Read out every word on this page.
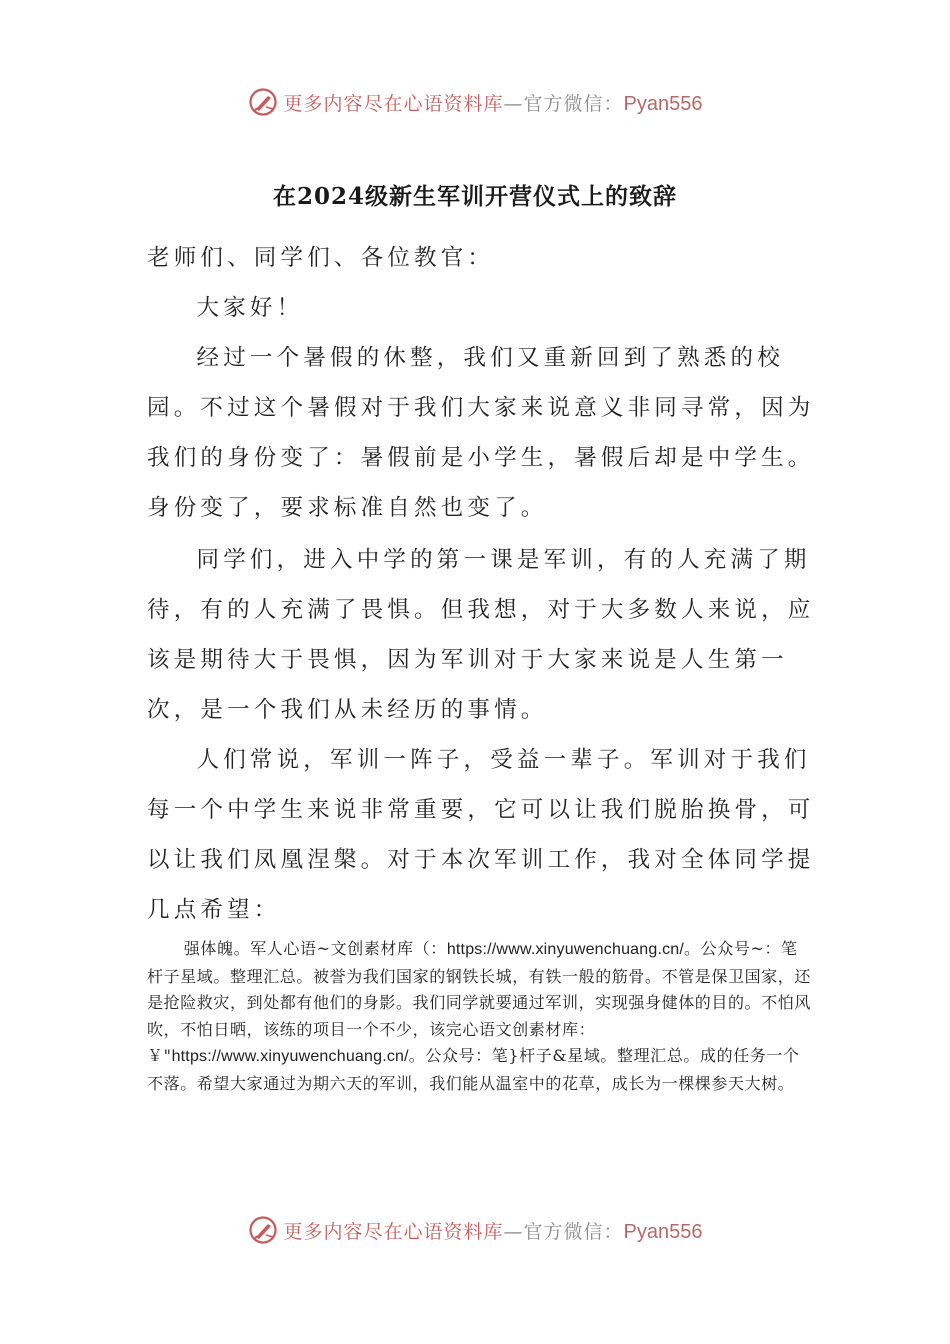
更多内容尽在心语资料库—官方微信：Pyan556
在2024级新生军训开营仪式上的致辞

老师们、同学们、各位教官：

大家好！

经过一个暑假的休整，我们又重新回到了熟悉的校园。不过这个暑假对于我们大家来说意义非同寻常，因为我们的身份变了：暑假前是小学生，暑假后却是中学生。身份变了，要求标准自然也变了。

同学们，进入中学的第一课是军训，有的人充满了期待，有的人充满了畏惧。但我想，对于大多数人来说，应该是期待大于畏惧，因为军训对于大家来说是人生第一次，是一个我们从未经历的事情。

人们常说，军训一阵子，受益一辈子。军训对于我们每一个中学生来说非常重要，它可以让我们脱胎换骨，可以让我们凤凰涅槃。对于本次军训工作，我对全体同学提几点希望：

强体魄。军人心语~文创素材库（：https://www.xinyuwenchuang.cn/。公众号~：笔杆子星域。整理汇总。被誉为我们国家的钢铁长城，有铁一般的筋骨。不管是保卫国家，还是抢险救灾，到处都有他们的身影。我们同学就要通过军训，实现强身健体的目的。不怕风吹，不怕日晒，该练的项目一个不少，该完心语文创素材库：￥"https://www.xinyuwenchuang.cn/。公众号：笔}杆子&星域。整理汇总。成的任务一个不落。希望大家通过为期六天的军训，我们能从温室中的花草，成长为一棵棵参天大树。

更多内容尽在心语资料库—官方微信：Pyan556
